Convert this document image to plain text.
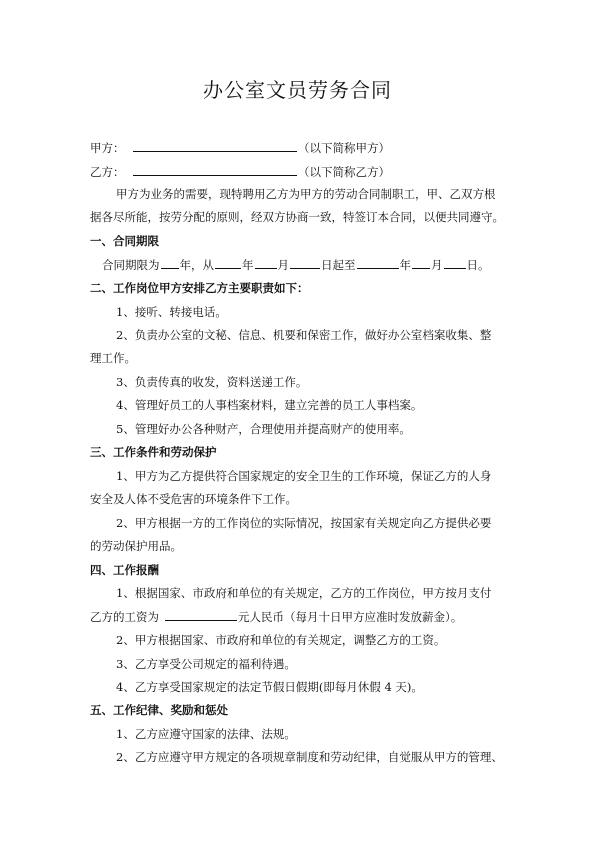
办公室文员劳务合同
甲方：	（以下简称甲方）
乙方：	（以下简称乙方）
甲方为业务的需要，现特聘用乙方为甲方的劳动合同制职工，甲、乙双方根
据各尽所能，按劳分配的原则，经双方协商一致，特签订本合同，以便共同遵守。
一、合同期限
合同期限为 年，从 年 月	日起至	年 月 日。
二、工作岗位甲方安排乙方主要职责如下：
1、接听、转接电话。
2、负责办公室的文秘、信息、机要和保密工作，做好办公室档案收集、整
理工作。
3、负责传真的收发，资料送递工作。
4、管理好员工的人事档案材料，建立完善的员工人事档案。
5、管理好办公各种财产，合理使用并提高财产的使用率。
三、工作条件和劳动保护
1、甲方为乙方提供符合国家规定的安全卫生的工作环境，保证乙方的人身
安全及人体不受危害的环境条件下工作。
2、甲方根据一方的工作岗位的实际情况，按国家有关规定向乙方提供必要
的劳动保护用品。
四、工作报酬
1、根据国家、市政府和单位的有关规定，乙方的工作岗位，甲方按月支付
乙方的工资为	元人民币（每月十日甲方应准时发放薪金）。
2、甲方根据国家、市政府和单位的有关规定，调整乙方的工资。
3、乙方享受公司规定的福利待遇。
4、乙方享受国家规定的法定节假日假期(即每月休假 4 天)。
五、工作纪律、奖励和惩处
1、乙方应遵守国家的法律、法规。
2、乙方应遵守甲方规定的各项规章制度和劳动纪律，自觉服从甲方的管理、
